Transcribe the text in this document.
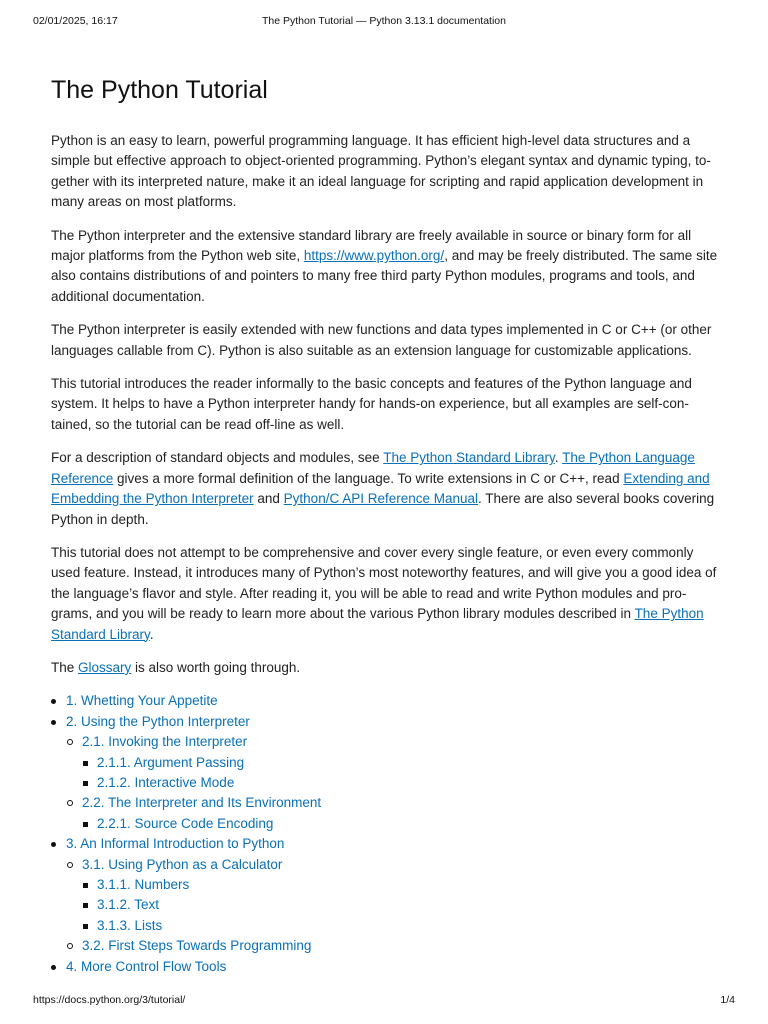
02/01/2025, 16:17	The Python Tutorial — Python 3.13.1 documentation
The Python Tutorial

Python is an easy to learn, powerful programming language. It has efficient high-level data structures and a simple but effective approach to object-oriented programming. Python’s elegant syntax and dynamic typing, together with its interpreted nature, make it an ideal language for scripting and rapid application development in many areas on most platforms.

The Python interpreter and the extensive standard library are freely available in source or binary form for all major platforms from the Python web site, https://www.python.org/, and may be freely distributed. The same site also contains distributions of and pointers to many free third party Python modules, programs and tools, and additional documentation.

The Python interpreter is easily extended with new functions and data types implemented in C or C++ (or other languages callable from C). Python is also suitable as an extension language for customizable applications.

This tutorial introduces the reader informally to the basic concepts and features of the Python language and system. It helps to have a Python interpreter handy for hands-on experience, but all examples are self-contained, so the tutorial can be read off-line as well.

For a description of standard objects and modules, see The Python Standard Library. The Python Language Reference gives a more formal definition of the language. To write extensions in C or C++, read Extending and Embedding the Python Interpreter and Python/C API Reference Manual. There are also several books covering Python in depth.

This tutorial does not attempt to be comprehensive and cover every single feature, or even every commonly used feature. Instead, it introduces many of Python’s most noteworthy features, and will give you a good idea of the language’s flavor and style. After reading it, you will be able to read and write Python modules and programs, and you will be ready to learn more about the various Python library modules described in The Python Standard Library.

The Glossary is also worth going through.

1. Whetting Your Appetite
2. Using the Python Interpreter
2.1. Invoking the Interpreter
2.1.1. Argument Passing
2.1.2. Interactive Mode
2.2. The Interpreter and Its Environment
2.2.1. Source Code Encoding
3. An Informal Introduction to Python
3.1. Using Python as a Calculator
3.1.1. Numbers
3.1.2. Text
3.1.3. Lists
3.2. First Steps Towards Programming
4. More Control Flow Tools
https://docs.python.org/3/tutorial/	1/4
